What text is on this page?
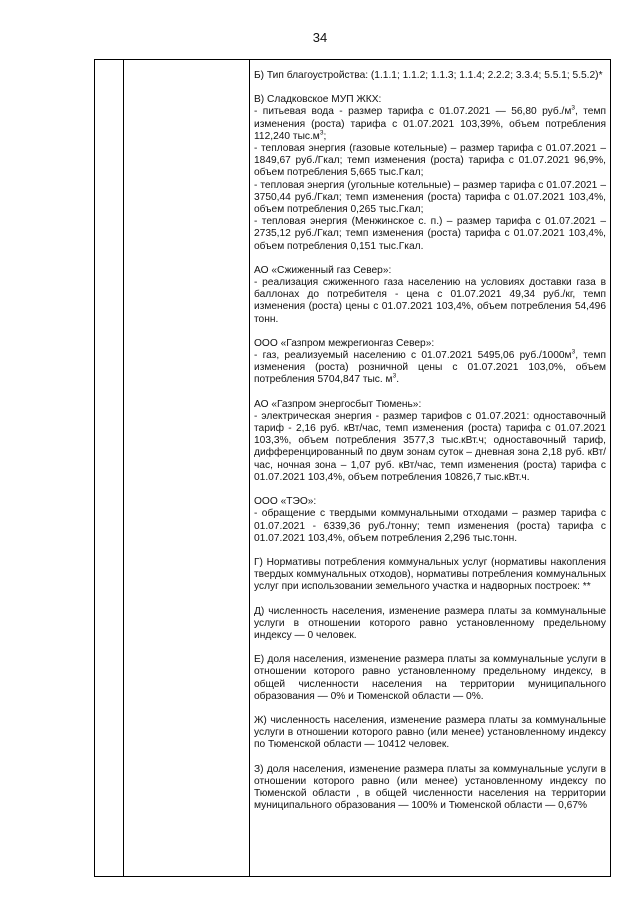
34

Б) Тип благоустройства: (1.1.1; 1.1.2; 1.1.3; 1.1.4; 2.2.2; 3.3.4; 5.5.1; 5.5.2)*

В) Сладковское МУП ЖКХ:

- питьевая вода - размер тарифа с 01.07.2021 — 56,80 $руб./м^3$, темп изменения (роста) тарифа с 01.07.2021 103,39%, объем потребления 112,240 $тыс.м^3$;

- тепловая энергия (газовые котельные) – размер тарифа с 01.07.2021 – 1849,67 руб./Гкал; темп изменения (роста) тарифа с 01.07.2021 96,9%, объем потребления 5,665 тыс.Гкал;

- тепловая энергия (угольные котельные) – размер тарифа с 01.07.2021 – 3750,44 руб./Гкал; темп изменения (роста) тарифа с 01.07.2021 103,4%, объем потребления 0,265 тыс.Гкал;

- тепловая энергия (Менжинское с. п.) – размер тарифа с 01.07.2021 – 2735,12 руб./Гкал; темп изменения (роста) тарифа с 01.07.2021 103,4%, объем потребления 0,151 тыс.Гкал.

АО «Сжиженный газ Север»:

- реализация сжиженного газа населению на условиях доставки газа в баллонах до потребителя - цена с 01.07.2021 49,34 руб./кг, темп изменения (роста) цены с 01.07.2021 103,4%, объем потребления 54,496 тонн.

ООО «Газпром межрегионгаз Север»:

- газ, реализуемый населению с 01.07.2021 5495,06 $руб./1000м^3$, темп изменения (роста) розничной цены с 01.07.2021 103,0%, объем потребления 5704,847 тыс. $м^3$.

АО «Газпром энергосбыт Тюмень»:

- электрическая энергия - размер тарифов с 01.07.2021: одноставочный тариф - 2,16 руб. кВт/час, темп изменения (роста) тарифа с 01.07.2021 103,3%, объем потребления 3577,3 тыс.кВт.ч; одноставочный тариф, дифференцированный по двум зонам суток – дневная зона 2,18 руб. кВт/час, ночная зона – 1,07 руб. кВт/час, темп изменения (роста) тарифа с 01.07.2021 103,4%, объем потребления 10826,7 тыс.кВт.ч.

ООО «ТЭО»:

- обращение с твердыми коммунальными отходами – размер тарифа с 01.07.2021 - 6339,36 руб./тонну; темп изменения (роста) тарифа с 01.07.2021 103,4%, объем потребления 2,296 тыс.тонн.

Г) Нормативы потребления коммунальных услуг (нормативы накопления твердых коммунальных отходов), нормативы потребления коммунальных услуг при использовании земельного участка и надворных построек: **

Д) численность населения, изменение размера платы за коммунальные услуги в отношении которого равно установленному предельному индексу — 0 человек.

Е) доля населения, изменение размера платы за коммунальные услуги в отношении которого равно установленному предельному индексу, в общей численности населения на территории муниципального образования — 0% и Тюменской области — 0%.

Ж) численность населения, изменение размера платы за коммунальные услуги в отношении которого равно (или менее) установленному индексу по Тюменской области — 10412 человек.

З) доля населения, изменение размера платы за коммунальные услуги в отношении которого равно (или менее) установленному индексу по Тюменской области , в общей численности населения на территории муниципального образования — 100% и Тюменской области — 0,67%
